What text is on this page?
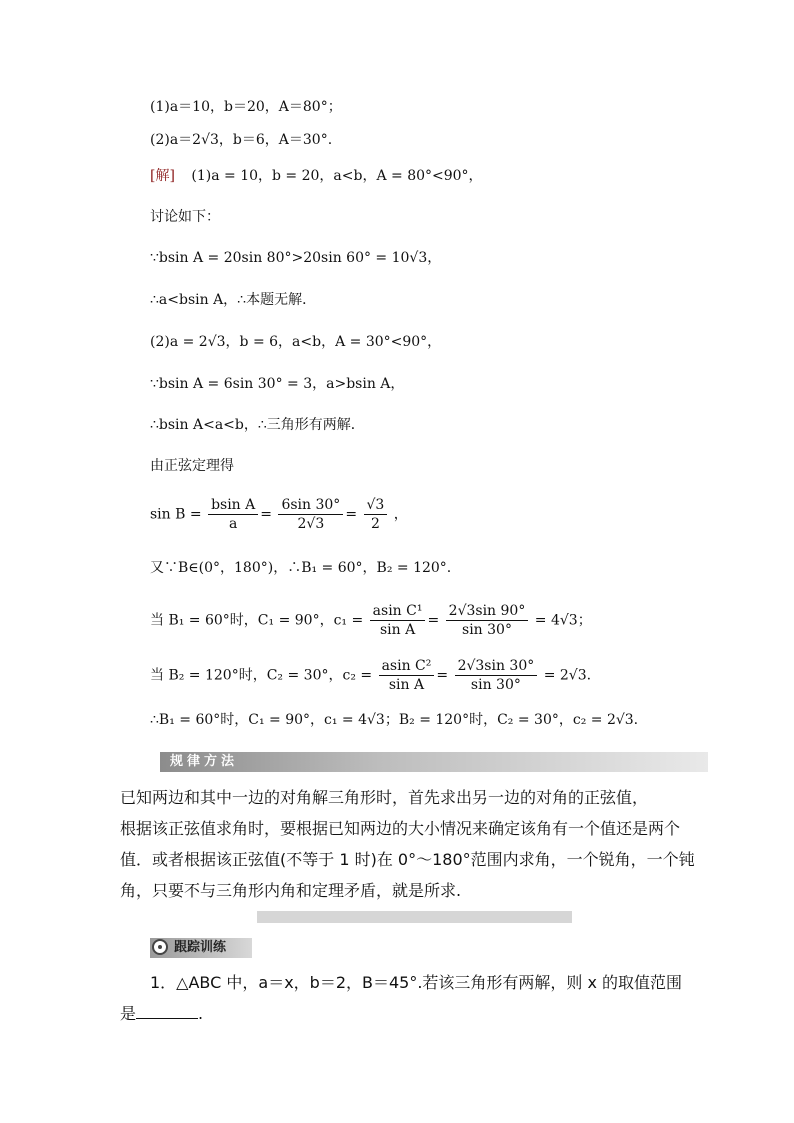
(1)a＝10，b＝20，A＝80°；
(2)a＝2√3，b＝6，A＝30°.
[解] (1)a = 10，b = 20，a<b，A = 80°<90°，
讨论如下：
∵bsin A = 20sin 80°>20sin 60° = 10√3，
∴a<bsin A，∴本题无解．
(2)a = 2√3，b = 6，a<b，A = 30°<90°，
∵bsin A = 6sin 30° = 3，a>bsin A，
∴bsin A<a<b，∴三角形有两解．
由正弦定理得
$\sin B = \frac{\text{bsin A}}{a} = \frac{6\sin 30^\circ}{2√3} = \frac{√3}{2}$ ，
又∵B∈(0°，180°)，∴B₁ = 60°，B₂ = 120°.
当 B₁ = 60°时，C₁ = 90°，$c_1 = \frac{\text{asin C¹}}{\text{sin A}} = \frac{2√3\sin 90^\circ}{\sin 30^\circ} = 4√3$；
当 B₂ = 120°时，C₂ = 30°，$c_2 = \frac{\text{asin C²}}{\text{sin A}} = \frac{2√3\sin 30^\circ}{\sin 30^\circ} = 2√3$.
∴B₁ = 60°时，C₁ = 90°，c₁ = 4√3；B₂ = 120°时，C₂ = 30°，c₂ = 2√3.
规律方法
已知两边和其中一边的对角解三角形时，首先求出另一边的对角的正弦值，
根据该正弦值求角时，要根据已知两边的大小情况来确定该角有一个值还是两个
值．或者根据该正弦值(不等于 1 时)在 0°～180°范围内求角，一个锐角，一个钝
角，只要不与三角形内角和定理矛盾，就是所求.
跟踪训练
1．△ABC 中，a＝x，b＝2，B＝45°.若该三角形有两解，则 x 的取值范围
是	.
